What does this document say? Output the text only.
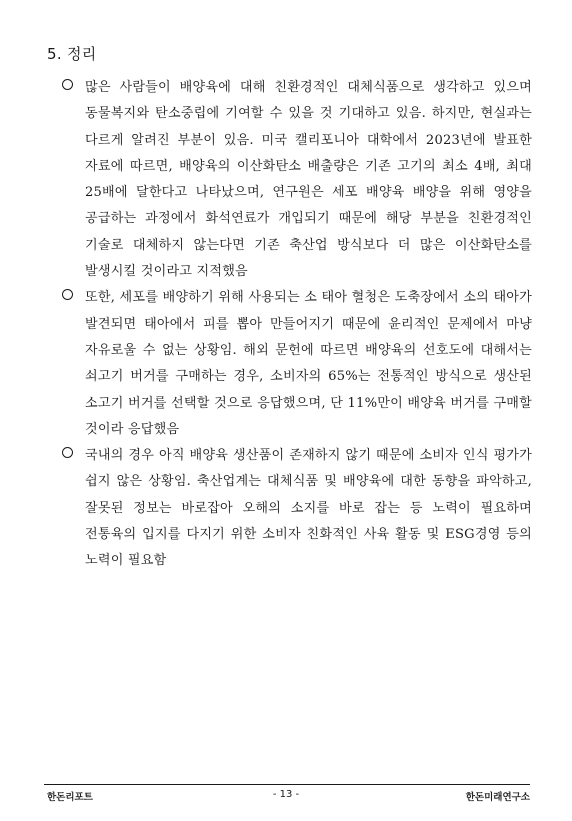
5. 정리
많은 사람들이 배양육에 대해 친환경적인 대체식품으로 생각하고 있으며 동물복지와 탄소중립에 기여할 수 있을 것 기대하고 있음. 하지만, 현실과는 다르게 알려진 부분이 있음. 미국 캘리포니아 대학에서 2023년에 발표한 자료에 따르면, 배양육의 이산화탄소 배출량은 기존 고기의 최소 4배, 최대 25배에 달한다고 나타났으며, 연구원은 세포 배양육 배양을 위해 영양을 공급하는 과정에서 화석연료가 개입되기 때문에 해당 부분을 친환경적인 기술로 대체하지 않는다면 기존 축산업 방식보다 더 많은 이산화탄소를 발생시킬 것이라고 지적했음
또한, 세포를 배양하기 위해 사용되는 소 태아 혈청은 도축장에서 소의 태아가 발견되면 태아에서 피를 뽑아 만들어지기 때문에 윤리적인 문제에서 마냥 자유로울 수 없는 상황임. 해외 문헌에 따르면 배양육의 선호도에 대해서는 쇠고기 버거를 구매하는 경우, 소비자의 65%는 전통적인 방식으로 생산된 소고기 버거를 선택할 것으로 응답했으며, 단 11%만이 배양육 버거를 구매할 것이라 응답했음
국내의 경우 아직 배양육 생산품이 존재하지 않기 때문에 소비자 인식 평가가 쉽지 않은 상황임. 축산업계는 대체식품 및 배양육에 대한 동향을 파악하고, 잘못된 정보는 바로잡아 오해의 소지를 바로 잡는 등 노력이 필요하며 전통육의 입지를 다지기 위한 소비자 친화적인 사육 활동 및 ESG경영 등의 노력이 필요함
한돈리포트	- 13 -	한돈미래연구소
